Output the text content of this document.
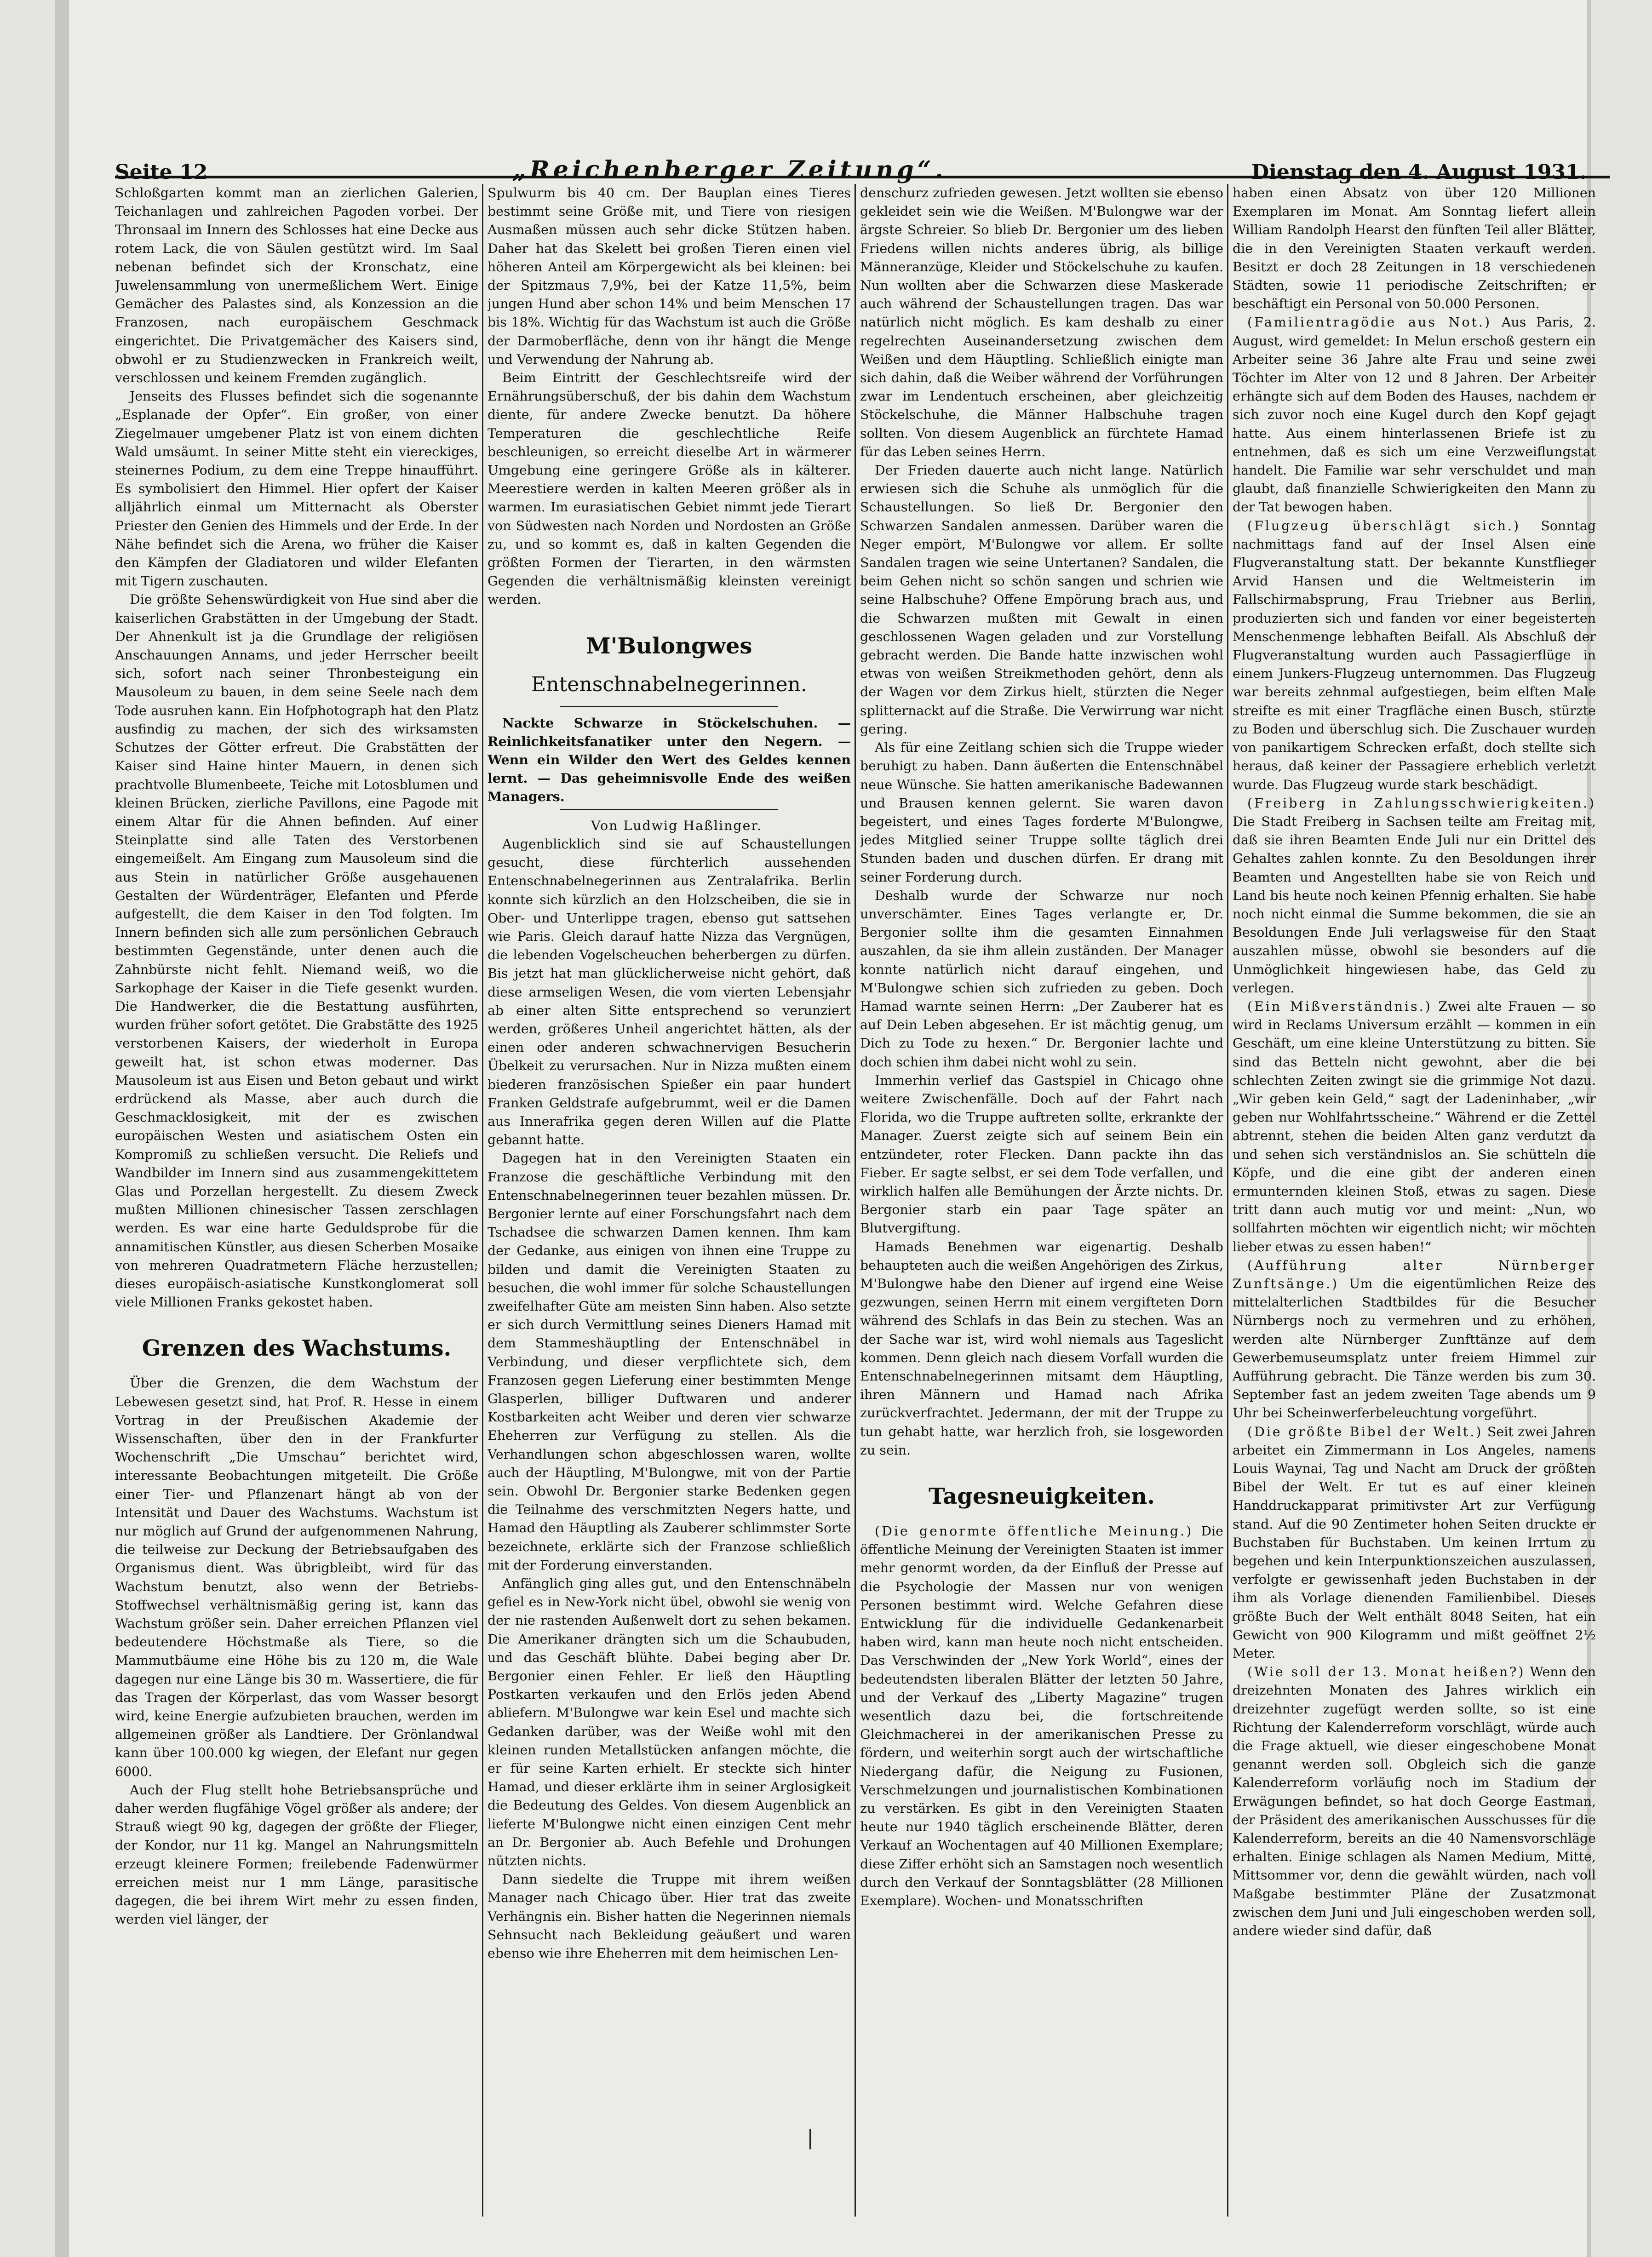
Seite 12	„Reichenberger Zeitung“.	Dienstag den 4. August 1931.

Schloßgarten kommt man an zierlichen Galerien, Teichanlagen und zahlreichen Pagoden vorbei. Der Thronsaal im Innern des Schlosses hat eine Decke aus rotem Lack, die von Säulen gestützt wird. Im Saal nebenan befindet sich der Kronschatz, eine Juwelensammlung von unermeßlichem Wert. Einige Gemächer des Palastes sind, als Konzession an die Franzosen, nach europäischem Geschmack eingerichtet. Die Privatgemächer des Kaisers sind, obwohl er zu Studienzwecken in Frankreich weilt, verschlossen und keinem Fremden zugänglich.

Jenseits des Flusses befindet sich die sogenannte „Esplanade der Opfer“. Ein großer, von einer Ziegelmauer umgebener Platz ist von einem dichten Wald umsäumt. In seiner Mitte steht ein viereckiges, steinernes Podium, zu dem eine Treppe hinaufführt. Es symbolisiert den Himmel. Hier opfert der Kaiser alljährlich einmal um Mitternacht als Oberster Priester den Genien des Himmels und der Erde. In der Nähe befindet sich die Arena, wo früher die Kaiser den Kämpfen der Gladiatoren und wilder Elefanten mit Tigern zuschauten.

Die größte Sehenswürdigkeit von Hue sind aber die kaiserlichen Grabstätten in der Umgebung der Stadt. Der Ahnenkult ist ja die Grundlage der religiösen Anschauungen Annams, und jeder Herrscher beeilt sich, sofort nach seiner Thronbesteigung ein Mausoleum zu bauen, in dem seine Seele nach dem Tode ausruhen kann. Ein Hofphotograph hat den Platz ausfindig zu machen, der sich des wirksamsten Schutzes der Götter erfreut. Die Grabstätten der Kaiser sind Haine hinter Mauern, in denen sich prachtvolle Blumenbeete, Teiche mit Lotosblumen und kleinen Brücken, zierliche Pavillons, eine Pagode mit einem Altar für die Ahnen befinden. Auf einer Steinplatte sind alle Taten des Verstorbenen eingemeißelt. Am Eingang zum Mausoleum sind die aus Stein in natürlicher Größe ausgehauenen Gestalten der Würdenträger, Elefanten und Pferde aufgestellt, die dem Kaiser in den Tod folgten. Im Innern befinden sich alle zum persönlichen Gebrauch bestimmten Gegenstände, unter denen auch die Zahnbürste nicht fehlt. Niemand weiß, wo die Sarkophage der Kaiser in die Tiefe gesenkt wurden. Die Handwerker, die die Bestattung ausführten, wurden früher sofort getötet. Die Grabstätte des 1925 verstorbenen Kaisers, der wiederholt in Europa geweilt hat, ist schon etwas moderner. Das Mausoleum ist aus Eisen und Beton gebaut und wirkt erdrückend als Masse, aber auch durch die Geschmacklosigkeit, mit der es zwischen europäischen Westen und asiatischem Osten ein Kompromiß zu schließen versucht. Die Reliefs und Wandbilder im Innern sind aus zusammengekittetem Glas und Porzellan hergestellt. Zu diesem Zweck mußten Millionen chinesischer Tassen zerschlagen werden. Es war eine harte Geduldsprobe für die annamitischen Künstler, aus diesen Scherben Mosaike von mehreren Quadratmetern Fläche herzustellen; dieses europäisch-asiatische Kunstkonglomerat soll viele Millionen Franks gekostet haben.

Grenzen des Wachstums.

Über die Grenzen, die dem Wachstum der Lebewesen gesetzt sind, hat Prof. R. Hesse in einem Vortrag in der Preußischen Akademie der Wissenschaften, über den in der Frankfurter Wochenschrift „Die Umschau“ berichtet wird, interessante Beobachtungen mitgeteilt. Die Größe einer Tier- und Pflanzenart hängt ab von der Intensität und Dauer des Wachstums. Wachstum ist nur möglich auf Grund der aufgenommenen Nahrung, die teilweise zur Deckung der Betriebsaufgaben des Organismus dient. Was übrigbleibt, wird für das Wachstum benutzt, also wenn der Betriebs-Stoffwechsel verhältnismäßig gering ist, kann das Wachstum größer sein. Daher erreichen Pflanzen viel bedeutendere Höchstmaße als Tiere, so die Mammutbäume eine Höhe bis zu 120 m, die Wale dagegen nur eine Länge bis 30 m. Wassertiere, die für das Tragen der Körperlast, das vom Wasser besorgt wird, keine Energie aufzubieten brauchen, werden im allgemeinen größer als Landtiere. Der Grönlandwal kann über 100.000 kg wiegen, der Elefant nur gegen 6000.

Auch der Flug stellt hohe Betriebsansprüche und daher werden flugfähige Vögel größer als andere; der Strauß wiegt 90 kg, dagegen der größte der Flieger, der Kondor, nur 11 kg. Mangel an Nahrungsmitteln erzeugt kleinere Formen; freilebende Fadenwürmer erreichen meist nur 1 mm Länge, parasitische dagegen, die bei ihrem Wirt mehr zu essen finden, werden viel länger, der

Spulwurm bis 40 cm. Der Bauplan eines Tieres bestimmt seine Größe mit, und Tiere von riesigen Ausmaßen müssen auch sehr dicke Stützen haben. Daher hat das Skelett bei großen Tieren einen viel höheren Anteil am Körpergewicht als bei kleinen: bei der Spitzmaus 7,9%, bei der Katze 11,5%, beim jungen Hund aber schon 14% und beim Menschen 17 bis 18%. Wichtig für das Wachstum ist auch die Größe der Darmoberfläche, denn von ihr hängt die Menge und Verwendung der Nahrung ab.

Beim Eintritt der Geschlechtsreife wird der Ernährungsüberschuß, der bis dahin dem Wachstum diente, für andere Zwecke benutzt. Da höhere Temperaturen die geschlechtliche Reife beschleunigen, so erreicht dieselbe Art in wärmerer Umgebung eine geringere Größe als in kälterer. Meerestiere werden in kalten Meeren größer als in warmen. Im eurasiatischen Gebiet nimmt jede Tierart von Südwesten nach Norden und Nordosten an Größe zu, und so kommt es, daß in kalten Gegenden die größten Formen der Tierarten, in den wärmsten Gegenden die verhältnismäßig kleinsten vereinigt werden.

M'Bulongwes
Entenschnabelnegerinnen.

Nackte Schwarze in Stöckelschuhen. — Reinlichkeitsfanatiker unter den Negern. — Wenn ein Wilder den Wert des Geldes kennen lernt. — Das geheimnisvolle Ende des weißen Managers.

Von Ludwig Haßlinger.

Augenblicklich sind sie auf Schaustellungen gesucht, diese fürchterlich aussehenden Entenschnabelnegerinnen aus Zentralafrika. Berlin konnte sich kürzlich an den Holzscheiben, die sie in Ober- und Unterlippe tragen, ebenso gut sattsehen wie Paris. Gleich darauf hatte Nizza das Vergnügen, die lebenden Vogelscheuchen beherbergen zu dürfen. Bis jetzt hat man glücklicherweise nicht gehört, daß diese armseligen Wesen, die vom vierten Lebensjahr ab einer alten Sitte entsprechend so verunziert werden, größeres Unheil angerichtet hätten, als der einen oder anderen schwachnervigen Besucherin Übelkeit zu verursachen. Nur in Nizza mußten einem biederen französischen Spießer ein paar hundert Franken Geldstrafe aufgebrummt, weil er die Damen aus Innerafrika gegen deren Willen auf die Platte gebannt hatte.

Dagegen hat in den Vereinigten Staaten ein Franzose die geschäftliche Verbindung mit den Entenschnabelnegerinnen teuer bezahlen müssen. Dr. Bergonier lernte auf einer Forschungsfahrt nach dem Tschadsee die schwarzen Damen kennen. Ihm kam der Gedanke, aus einigen von ihnen eine Truppe zu bilden und damit die Vereinigten Staaten zu besuchen, die wohl immer für solche Schaustellungen zweifelhafter Güte am meisten Sinn haben. Also setzte er sich durch Vermittlung seines Dieners Hamad mit dem Stammeshäuptling der Entenschnäbel in Verbindung, und dieser verpflichtete sich, dem Franzosen gegen Lieferung einer bestimmten Menge Glasperlen, billiger Duftwaren und anderer Kostbarkeiten acht Weiber und deren vier schwarze Eheherren zur Verfügung zu stellen. Als die Verhandlungen schon abgeschlossen waren, wollte auch der Häuptling, M'Bulongwe, mit von der Partie sein. Obwohl Dr. Bergonier starke Bedenken gegen die Teilnahme des verschmitzten Negers hatte, und Hamad den Häuptling als Zauberer schlimmster Sorte bezeichnete, erklärte sich der Franzose schließlich mit der Forderung einverstanden.

Anfänglich ging alles gut, und den Entenschnäbeln gefiel es in New-York nicht übel, obwohl sie wenig von der nie rastenden Außenwelt dort zu sehen bekamen. Die Amerikaner drängten sich um die Schaubuden, und das Geschäft blühte. Dabei beging aber Dr. Bergonier einen Fehler. Er ließ den Häuptling Postkarten verkaufen und den Erlös jeden Abend abliefern. M'Bulongwe war kein Esel und machte sich Gedanken darüber, was der Weiße wohl mit den kleinen runden Metallstücken anfangen möchte, die er für seine Karten erhielt. Er steckte sich hinter Hamad, und dieser erklärte ihm in seiner Arglosigkeit die Bedeutung des Geldes. Von diesem Augenblick an lieferte M'Bulongwe nicht einen einzigen Cent mehr an Dr. Bergonier ab. Auch Befehle und Drohungen nützten nichts.

Dann siedelte die Truppe mit ihrem weißen Manager nach Chicago über. Hier trat das zweite Verhängnis ein. Bisher hatten die Negerinnen niemals Sehnsucht nach Bekleidung geäußert und waren ebenso wie ihre Eheherren mit dem heimischen Len-

denschurz zufrieden gewesen. Jetzt wollten sie ebenso gekleidet sein wie die Weißen. M'Bulongwe war der ärgste Schreier. So blieb Dr. Bergonier um des lieben Friedens willen nichts anderes übrig, als billige Männeranzüge, Kleider und Stöckelschuhe zu kaufen. Nun wollten aber die Schwarzen diese Maskerade auch während der Schaustellungen tragen. Das war natürlich nicht möglich. Es kam deshalb zu einer regelrechten Auseinandersetzung zwischen dem Weißen und dem Häuptling. Schließlich einigte man sich dahin, daß die Weiber während der Vorführungen zwar im Lendentuch erscheinen, aber gleichzeitig Stöckelschuhe, die Männer Halbschuhe tragen sollten. Von diesem Augenblick an fürchtete Hamad für das Leben seines Herrn.

Der Frieden dauerte auch nicht lange. Natürlich erwiesen sich die Schuhe als unmöglich für die Schaustellungen. So ließ Dr. Bergonier den Schwarzen Sandalen anmessen. Darüber waren die Neger empört, M'Bulongwe vor allem. Er sollte Sandalen tragen wie seine Untertanen? Sandalen, die beim Gehen nicht so schön sangen und schrien wie seine Halbschuhe? Offene Empörung brach aus, und die Schwarzen mußten mit Gewalt in einen geschlossenen Wagen geladen und zur Vorstellung gebracht werden. Die Bande hatte inzwischen wohl etwas von weißen Streikmethoden gehört, denn als der Wagen vor dem Zirkus hielt, stürzten die Neger splitternackt auf die Straße. Die Verwirrung war nicht gering.

Als für eine Zeitlang schien sich die Truppe wieder beruhigt zu haben. Dann äußerten die Entenschnäbel neue Wünsche. Sie hatten amerikanische Badewannen und Brausen kennen gelernt. Sie waren davon begeistert, und eines Tages forderte M'Bulongwe, jedes Mitglied seiner Truppe sollte täglich drei Stunden baden und duschen dürfen. Er drang mit seiner Forderung durch.

Deshalb wurde der Schwarze nur noch unverschämter. Eines Tages verlangte er, Dr. Bergonier sollte ihm die gesamten Einnahmen auszahlen, da sie ihm allein zuständen. Der Manager konnte natürlich nicht darauf eingehen, und M'Bulongwe schien sich zufrieden zu geben. Doch Hamad warnte seinen Herrn: „Der Zauberer hat es auf Dein Leben abgesehen. Er ist mächtig genug, um Dich zu Tode zu hexen.“ Dr. Bergonier lachte und doch schien ihm dabei nicht wohl zu sein.

Immerhin verlief das Gastspiel in Chicago ohne weitere Zwischenfälle. Doch auf der Fahrt nach Florida, wo die Truppe auftreten sollte, erkrankte der Manager. Zuerst zeigte sich auf seinem Bein ein entzündeter, roter Flecken. Dann packte ihn das Fieber. Er sagte selbst, er sei dem Tode verfallen, und wirklich halfen alle Bemühungen der Ärzte nichts. Dr. Bergonier starb ein paar Tage später an Blutvergiftung.

Hamads Benehmen war eigenartig. Deshalb behaupteten auch die weißen Angehörigen des Zirkus, M'Bulongwe habe den Diener auf irgend eine Weise gezwungen, seinen Herrn mit einem vergifteten Dorn während des Schlafs in das Bein zu stechen. Was an der Sache war ist, wird wohl niemals aus Tageslicht kommen. Denn gleich nach diesem Vorfall wurden die Entenschnabelnegerinnen mitsamt dem Häuptling, ihren Männern und Hamad nach Afrika zurückverfrachtet. Jedermann, der mit der Truppe zu tun gehabt hatte, war herzlich froh, sie losgeworden zu sein.

Tagesneuigkeiten.

(Die genormte öffentliche Meinung.) Die öffentliche Meinung der Vereinigten Staaten ist immer mehr genormt worden, da der Einfluß der Presse auf die Psychologie der Massen nur von wenigen Personen bestimmt wird. Welche Gefahren diese Entwicklung für die individuelle Gedankenarbeit haben wird, kann man heute noch nicht entscheiden. Das Verschwinden der „New York World“, eines der bedeutendsten liberalen Blätter der letzten 50 Jahre, und der Verkauf des „Liberty Magazine“ trugen wesentlich dazu bei, die fortschreitende Gleichmacherei in der amerikanischen Presse zu fördern, und weiterhin sorgt auch der wirtschaftliche Niedergang dafür, die Neigung zu Fusionen, Verschmelzungen und journalistischen Kombinationen zu verstärken. Es gibt in den Vereinigten Staaten heute nur 1940 täglich erscheinende Blätter, deren Verkauf an Wochentagen auf 40 Millionen Exemplare; diese Ziffer erhöht sich an Samstagen noch wesentlich durch den Verkauf der Sonntagsblätter (28 Millionen Exemplare). Wochen- und Monatsschriften

haben einen Absatz von über 120 Millionen Exemplaren im Monat. Am Sonntag liefert allein William Randolph Hearst den fünften Teil aller Blätter, die in den Vereinigten Staaten verkauft werden. Besitzt er doch 28 Zeitungen in 18 verschiedenen Städten, sowie 11 periodische Zeitschriften; er beschäftigt ein Personal von 50.000 Personen.

(Familientragödie aus Not.) Aus Paris, 2. August, wird gemeldet: In Melun erschoß gestern ein Arbeiter seine 36 Jahre alte Frau und seine zwei Töchter im Alter von 12 und 8 Jahren. Der Arbeiter erhängte sich auf dem Boden des Hauses, nachdem er sich zuvor noch eine Kugel durch den Kopf gejagt hatte. Aus einem hinterlassenen Briefe ist zu entnehmen, daß es sich um eine Verzweiflungstat handelt. Die Familie war sehr verschuldet und man glaubt, daß finanzielle Schwierigkeiten den Mann zu der Tat bewogen haben.

(Flugzeug überschlägt sich.) Sonntag nachmittags fand auf der Insel Alsen eine Flugveranstaltung statt. Der bekannte Kunstflieger Arvid Hansen und die Weltmeisterin im Fallschirmabsprung, Frau Triebner aus Berlin, produzierten sich und fanden vor einer begeisterten Menschenmenge lebhaften Beifall. Als Abschluß der Flugveranstaltung wurden auch Passagierflüge in einem Junkers-Flugzeug unternommen. Das Flugzeug war bereits zehnmal aufgestiegen, beim elften Male streifte es mit einer Tragfläche einen Busch, stürzte zu Boden und überschlug sich. Die Zuschauer wurden von panikartigem Schrecken erfaßt, doch stellte sich heraus, daß keiner der Passagiere erheblich verletzt wurde. Das Flugzeug wurde stark beschädigt.

(Freiberg in Zahlungsschwierigkeiten.) Die Stadt Freiberg in Sachsen teilte am Freitag mit, daß sie ihren Beamten Ende Juli nur ein Drittel des Gehaltes zahlen konnte. Zu den Besoldungen ihrer Beamten und Angestellten habe sie von Reich und Land bis heute noch keinen Pfennig erhalten. Sie habe noch nicht einmal die Summe bekommen, die sie an Besoldungen Ende Juli verlagsweise für den Staat auszahlen müsse, obwohl sie besonders auf die Unmöglichkeit hingewiesen habe, das Geld zu verlegen.

(Ein Mißverständnis.) Zwei alte Frauen — so wird in Reclams Universum erzählt — kommen in ein Geschäft, um eine kleine Unterstützung zu bitten. Sie sind das Betteln nicht gewohnt, aber die bei schlechten Zeiten zwingt sie die grimmige Not dazu. „Wir geben kein Geld,“ sagt der Ladeninhaber, „wir geben nur Wohlfahrtsscheine.“ Während er die Zettel abtrennt, stehen die beiden Alten ganz verdutzt da und sehen sich verständnislos an. Sie schütteln die Köpfe, und die eine gibt der anderen einen ermunternden kleinen Stoß, etwas zu sagen. Diese tritt dann auch mutig vor und meint: „Nun, wo sollfahrten möchten wir eigentlich nicht; wir möchten lieber etwas zu essen haben!“

(Aufführung alter Nürnberger Zunftsänge.) Um die eigentümlichen Reize des mittelalterlichen Stadtbildes für die Besucher Nürnbergs noch zu vermehren und zu erhöhen, werden alte Nürnberger Zunfttänze auf dem Gewerbemuseumsplatz unter freiem Himmel zur Aufführung gebracht. Die Tänze werden bis zum 30. September fast an jedem zweiten Tage abends um 9 Uhr bei Scheinwerferbeleuchtung vorgeführt.

(Die größte Bibel der Welt.) Seit zwei Jahren arbeitet ein Zimmermann in Los Angeles, namens Louis Waynai, Tag und Nacht am Druck der größten Bibel der Welt. Er tut es auf einer kleinen Handdruckapparat primitivster Art zur Verfügung stand. Auf die 90 Zentimeter hohen Seiten druckte er Buchstaben für Buchstaben. Um keinen Irrtum zu begehen und kein Interpunktionszeichen auszulassen, verfolgte er gewissenhaft jeden Buchstaben in der ihm als Vorlage dienenden Familienbibel. Dieses größte Buch der Welt enthält 8048 Seiten, hat ein Gewicht von 900 Kilogramm und mißt geöffnet 2½ Meter.

(Wie soll der 13. Monat heißen?) Wenn den dreizehnten Monaten des Jahres wirklich ein dreizehnter zugefügt werden sollte, so ist eine Richtung der Kalenderreform vorschlägt, würde auch die Frage aktuell, wie dieser eingeschobene Monat genannt werden soll. Obgleich sich die ganze Kalenderreform vorläufig noch im Stadium der Erwägungen befindet, so hat doch George Eastman, der Präsident des amerikanischen Ausschusses für die Kalenderreform, bereits an die 40 Namensvorschläge erhalten. Einige schlagen als Namen Medium, Mitte, Mittsommer vor, denn die gewählt würden, nach voll Maßgabe bestimmter Pläne der Zusatzmonat zwischen dem Juni und Juli eingeschoben werden soll, andere wieder sind dafür, daß
